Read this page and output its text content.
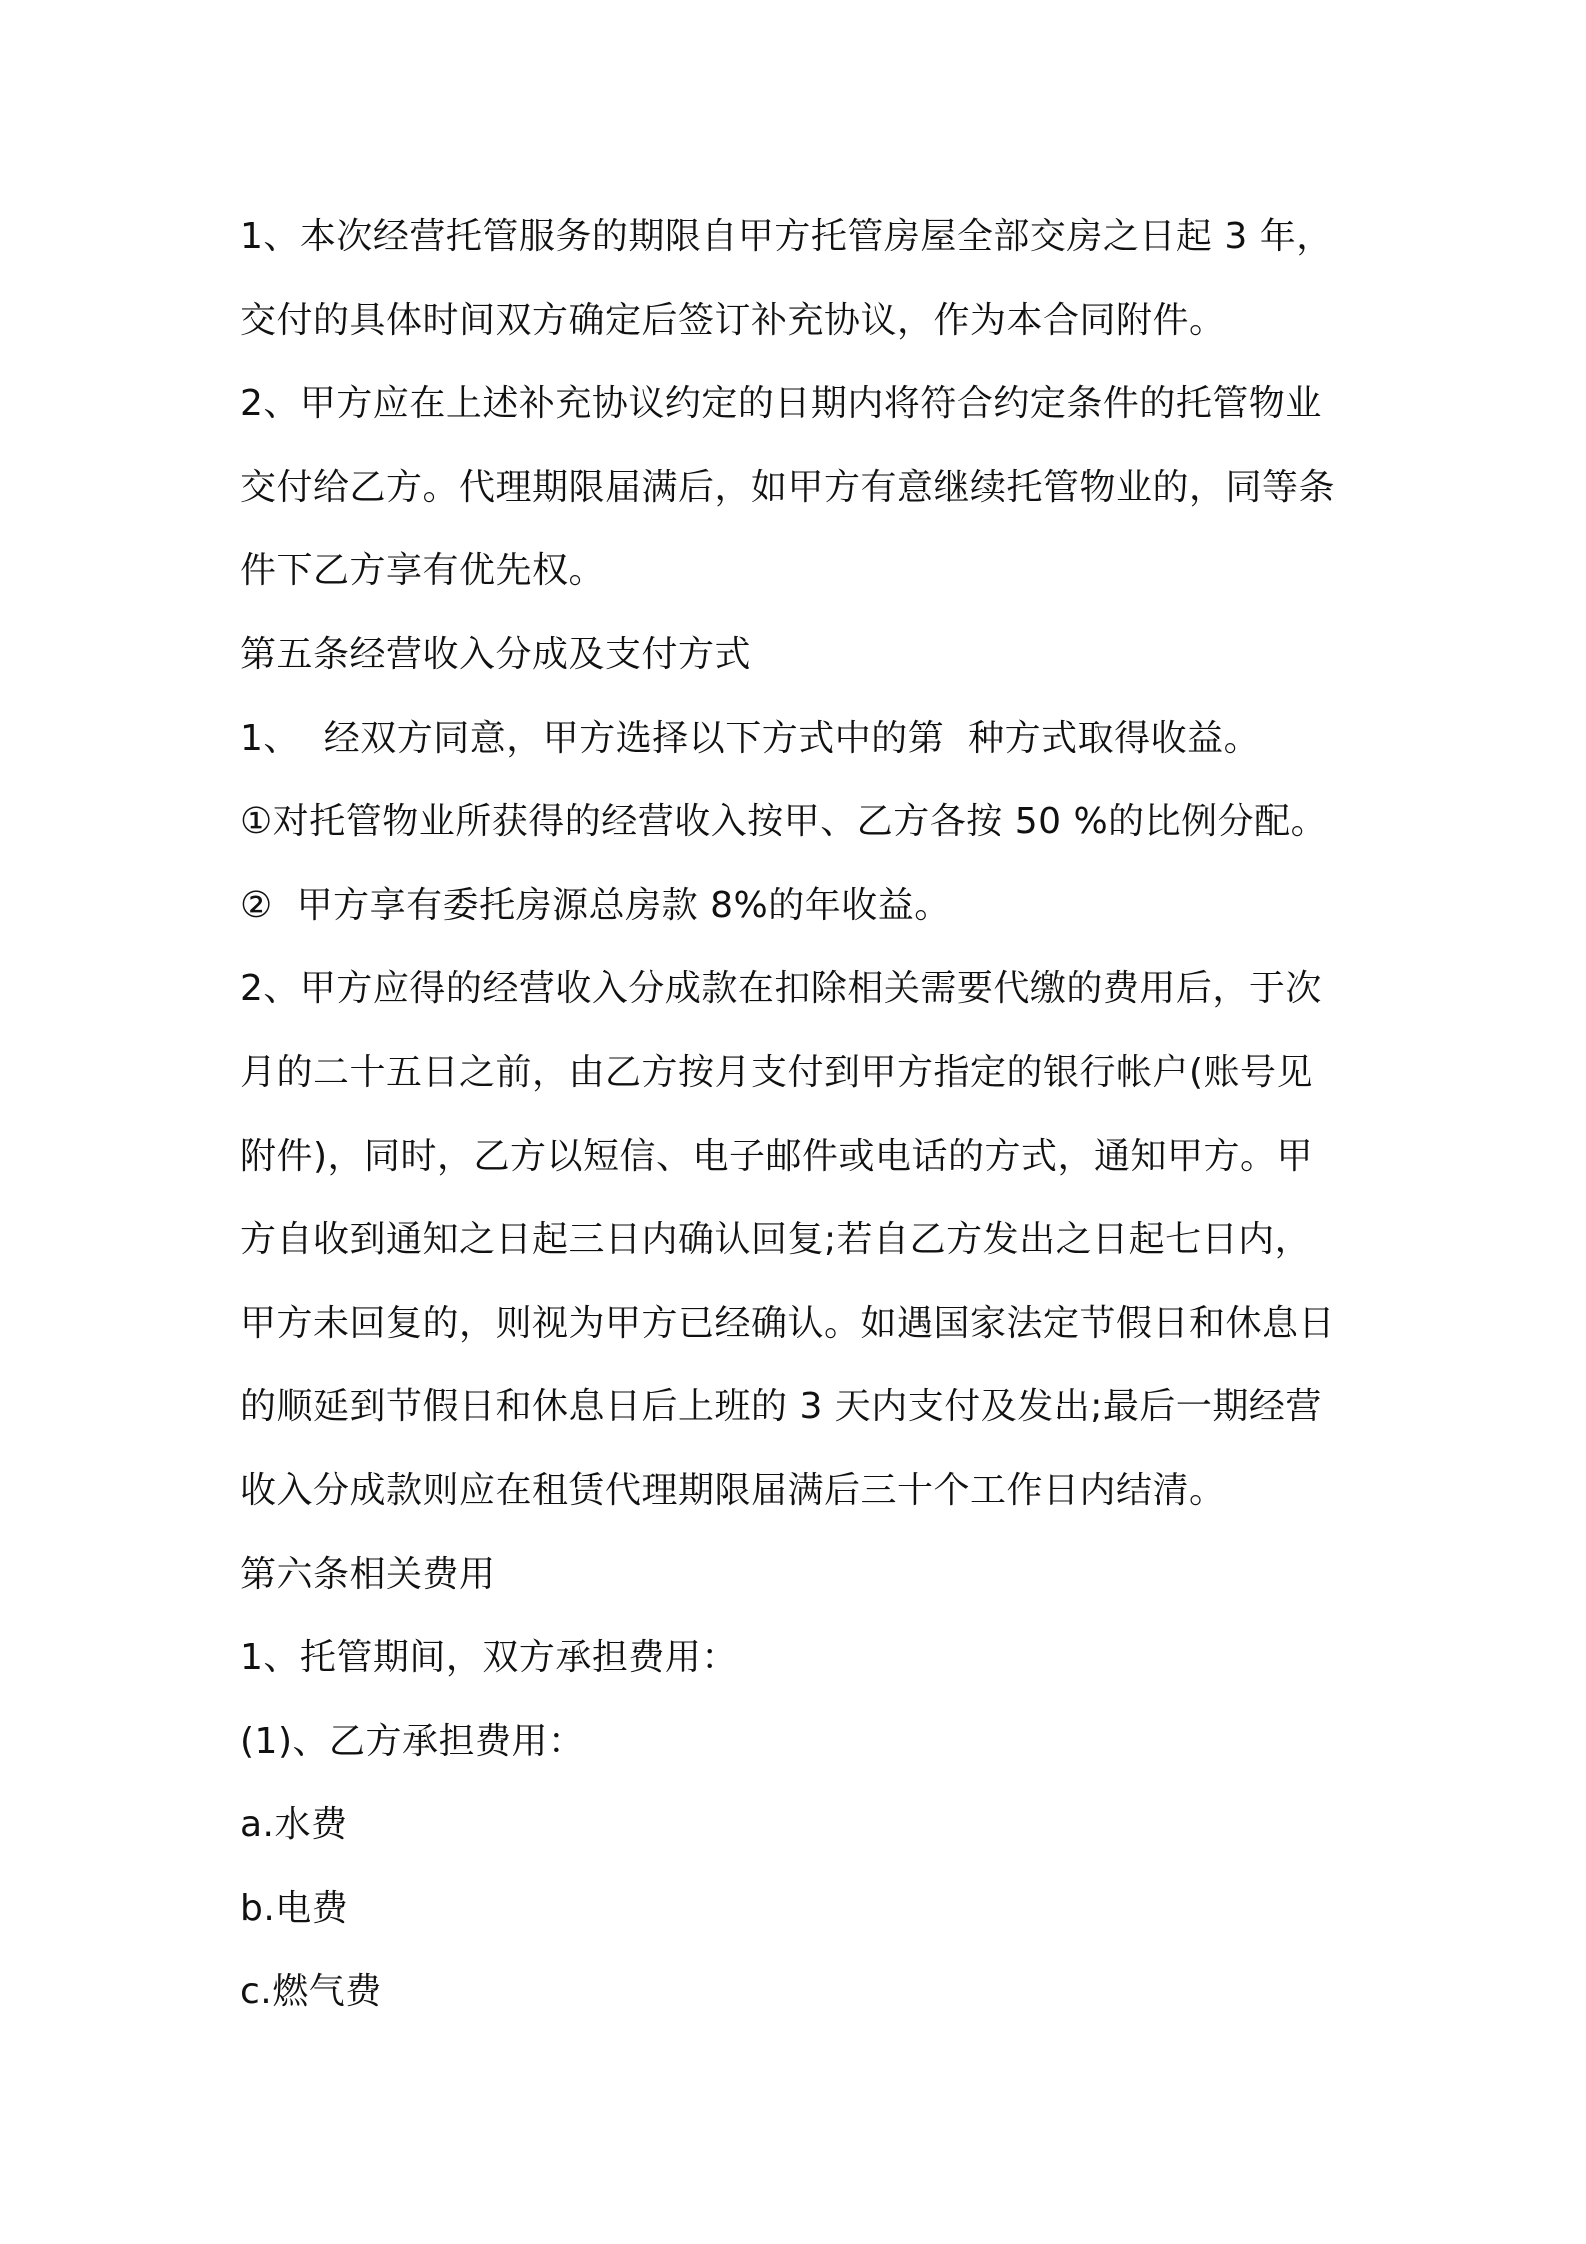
1、本次经营托管服务的期限自甲方托管房屋全部交房之日起 3 年，
交付的具体时间双方确定后签订补充协议，作为本合同附件。
2、甲方应在上述补充协议约定的日期内将符合约定条件的托管物业
交付给乙方。代理期限届满后，如甲方有意继续托管物业的，同等条
件下乙方享有优先权。
第五条经营收入分成及支付方式
1、  经双方同意，甲方选择以下方式中的第  种方式取得收益。
①对托管物业所获得的经营收入按甲、乙方各按 50 %的比例分配。
②  甲方享有委托房源总房款 8%的年收益。
2、甲方应得的经营收入分成款在扣除相关需要代缴的费用后，于次
月的二十五日之前，由乙方按月支付到甲方指定的银行帐户(账号见
附件)，同时，乙方以短信、电子邮件或电话的方式，通知甲方。甲
方自收到通知之日起三日内确认回复;若自乙方发出之日起七日内，
甲方未回复的，则视为甲方已经确认。如遇国家法定节假日和休息日
的顺延到节假日和休息日后上班的 3 天内支付及发出;最后一期经营
收入分成款则应在租赁代理期限届满后三十个工作日内结清。
第六条相关费用
1、托管期间，双方承担费用：
(1)、乙方承担费用：
a.水费
b.电费
c.燃气费
